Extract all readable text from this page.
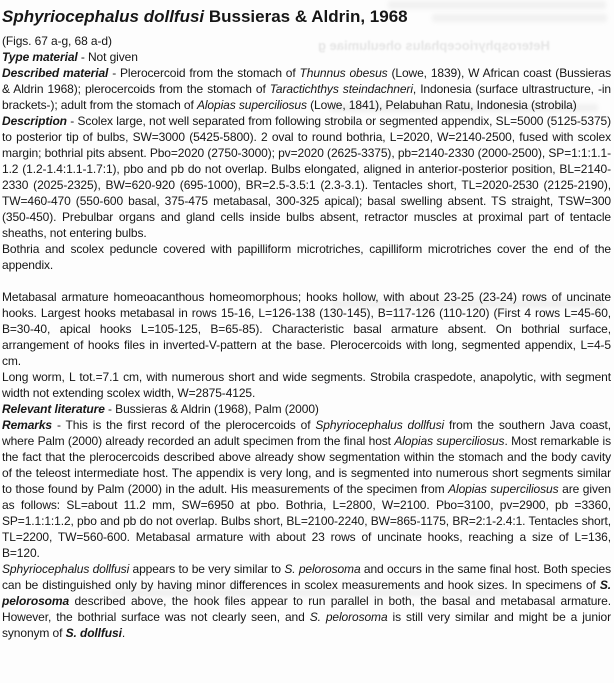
Heterosphyriocephalus oheulumiae g
Sphyriocephalus dollfusi Bussieras & Aldrin, 1968
(Figs. 67 a-g, 68 a-d)
Type material - Not given
Described material - Plerocercoid from the stomach of Thunnus obesus (Lowe, 1839), W African coast (Bussieras & Aldrin 1968); plerocercoids from the stomach of Taractichthys steindachneri, Indonesia (surface ultrastructure, -in brackets-); adult from the stomach of Alopias superciliosus (Lowe, 1841), Pelabuhan Ratu, Indonesia (strobila)
Description - Scolex large, not well separated from following strobila or segmented appendix, SL=5000 (5125-5375) to posterior tip of bulbs, SW=3000 (5425-5800). 2 oval to round bothria, L=2020, W=2140-2500, fused with scolex margin; bothrial pits absent. Pbo=2020 (2750-3000); pv=2020 (2625-3375), pb=2140-2330 (2000-2500), SP=1:1:1.1-1.2 (1.2-1.4:1.1-1.7:1), pbo and pb do not overlap. Bulbs elongated, aligned in anterior-posterior position, BL=2140-2330 (2025-2325), BW=620-920 (695-1000), BR=2.5-3.5:1 (2.3-3.1). Tentacles short, TL=2020-2530 (2125-2190), TW=460-470 (550-600 basal, 375-475 metabasal, 300-325 apical); basal swelling absent. TS straight, TSW=300 (350-450). Prebulbar organs and gland cells inside bulbs absent, retractor muscles at proximal part of tentacle sheaths, not entering bulbs.
Bothria and scolex peduncle covered with papilliform microtriches, capilliform microtriches cover the end of the appendix.
Metabasal armature homeoacanthous homeomorphous; hooks hollow, with about 23-25 (23-24) rows of uncinate hooks. Largest hooks metabasal in rows 15-16, L=126-138 (130-145), B=117-126 (110-120) (First 4 rows L=45-60, B=30-40, apical hooks L=105-125, B=65-85). Characteristic basal armature absent. On bothrial surface, arrangement of hooks files in inverted-V-pattern at the base. Plerocercoids with long, segmented appendix, L=4-5 cm.
Long worm, L tot.=7.1 cm, with numerous short and wide segments. Strobila craspedote, anapolytic, with segment width not extending scolex width, W=2875-4125.
Relevant literature - Bussieras & Aldrin (1968), Palm (2000)
Remarks - This is the first record of the plerocercoids of Sphyriocephalus dollfusi from the southern Java coast, where Palm (2000) already recorded an adult specimen from the final host Alopias superciliosus. Most remarkable is the fact that the plerocercoids described above already show segmentation within the stomach and the body cavity of the teleost intermediate host. The appendix is very long, and is segmented into numerous short segments similar to those found by Palm (2000) in the adult. His measurements of the specimen from Alopias superciliosus are given as follows: SL=about 11.2 mm, SW=6950 at pbo. Bothria, L=2800, W=2100. Pbo=3100, pv=2900, pb =3360, SP=1.1:1:1.2, pbo and pb do not overlap. Bulbs short, BL=2100-2240, BW=865-1175, BR=2:1-2.4:1. Tentacles short, TL=2200, TW=560-600. Metabasal armature with about 23 rows of uncinate hooks, reaching a size of L=136, B=120.
Sphyriocephalus dollfusi appears to be very similar to S. pelorosoma and occurs in the same final host. Both species can be distinguished only by having minor differences in scolex measurements and hook sizes. In specimens of S. pelorosoma described above, the hook files appear to run parallel in both, the basal and metabasal armature. However, the bothrial surface was not clearly seen, and S. pelorosoma is still very similar and might be a junior synonym of S. dollfusi.
